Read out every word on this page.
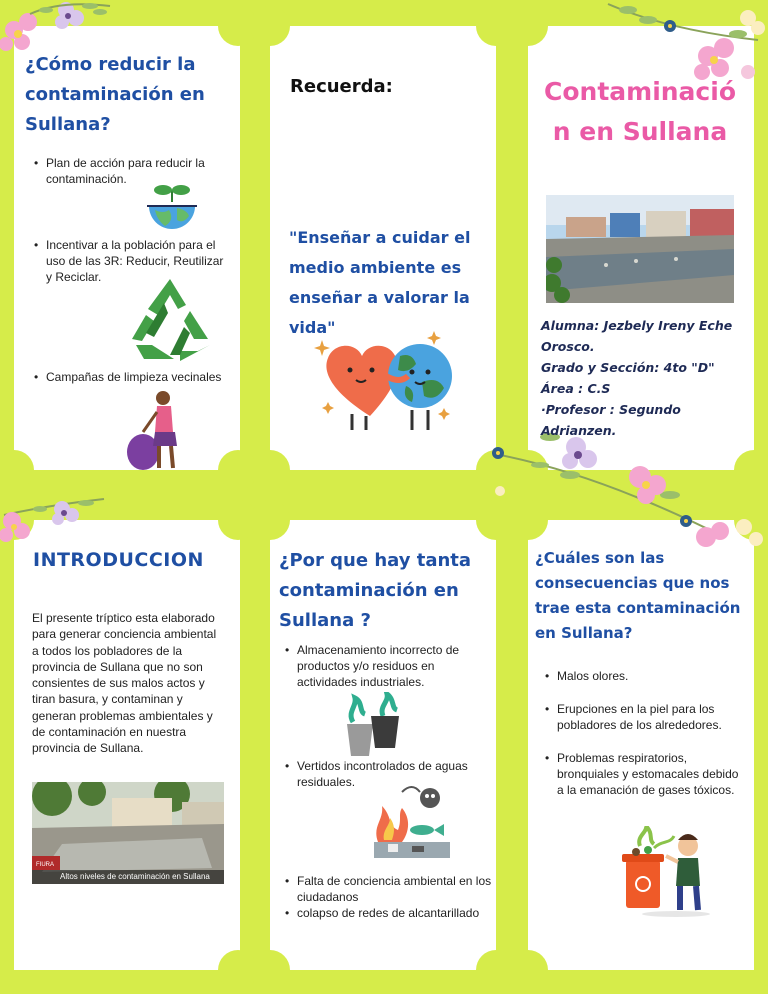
¿Cómo reducir la contaminación en Sullana?
• Plan de acción para reducir la contaminación.
• Incentivar a la población para el uso de las 3R: Reducir, Reutilizar y Reciclar.
• Campañas de limpieza vecinales
Recuerda:
"Enseñar a cuidar el medio ambiente es enseñar a valorar la vida"
Contaminación en Sullana
Alumna: Jezbely Ireny Eche Orosco.
Grado y Sección: 4to "D"
Área : C.S
·Profesor : Segundo Adrianzen.
INTRODUCCION
El presente tríptico esta elaborado para generar conciencia ambiental a todos los pobladores de la provincia de Sullana que no son consientes de sus malos actos y tiran basura, y contaminan y generan problemas ambientales y de contaminación en nuestra provincia de Sullana.
FIURA
Altos niveles de contaminación en Sullana
¿Por que hay tanta contaminación en Sullana ?
• Almacenamiento incorrecto de productos y/o residuos en actividades industriales.
• Vertidos incontrolados de aguas residuales.
• Falta de conciencia ambiental en los ciudadanos
• colapso de redes de alcantarillado
¿Cuáles son las consecuencias que nos trae esta contaminación en Sullana?
• Malos olores.
• Erupciones en la piel para los pobladores de los alrededores.
• Problemas respiratorios, bronquiales y estomacales debido a la emanación de gases tóxicos.
